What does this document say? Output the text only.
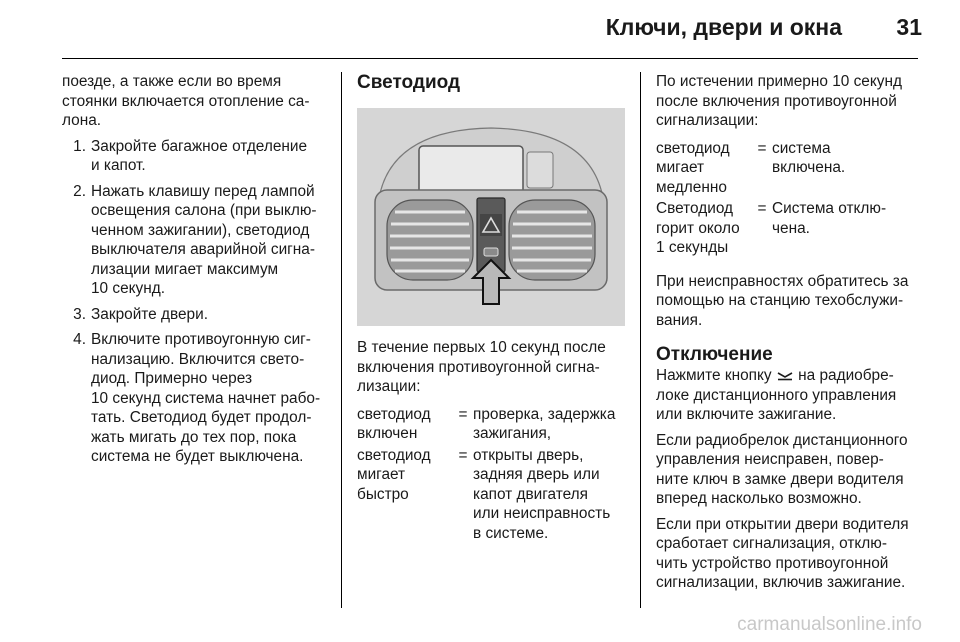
Ключи, двери и окна 31

поезде, а также если во время
стоянки включается отопление са-
лона.

1. Закройте багажное отделение
и капот.
2. Нажать клавишу перед лампой
освещения салона (при выклю-
ченном зажигании), светодиод
выключателя аварийной сигна-
лизации мигает максимум
10 секунд.
3. Закройте двери.
4. Включите противоугонную сиг-
нализацию. Включится свето-
диод. Примерно через
10 секунд система начнет рабо-
тать. Светодиод будет продол-
жать мигать до тех пор, пока
система не будет выключена.
Светодиод

В течение первых 10 секунд после
включения противоугонной сигна-
лизации:

светодиод
включен
= проверка, задержка
зажигания,
светодиод
мигает
быстро
= открыты дверь,
задняя дверь или
капот двигателя
или неисправность
в системе.

По истечении примерно 10 секунд
после включения противоугонной
сигнализации:

светодиод
мигает
медленно
= система
включена.
Светодиод
горит около
1 секунды
= Система отклю-
чена.

При неисправностях обратитесь за
помощью на станцию техобслужи-
вания.

Отключение

Нажмите кнопку  на радиобре-
локе дистанционного управления
или включите зажигание.

Если радиобрелок дистанционного
управления неисправен, повер-
ните ключ в замке двери водителя
вперед насколько возможно.

Если при открытии двери водителя
сработает сигнализация, отклю-
чить устройство противоугонной
сигнализации, включив зажигание.

carmanualsonline.info
